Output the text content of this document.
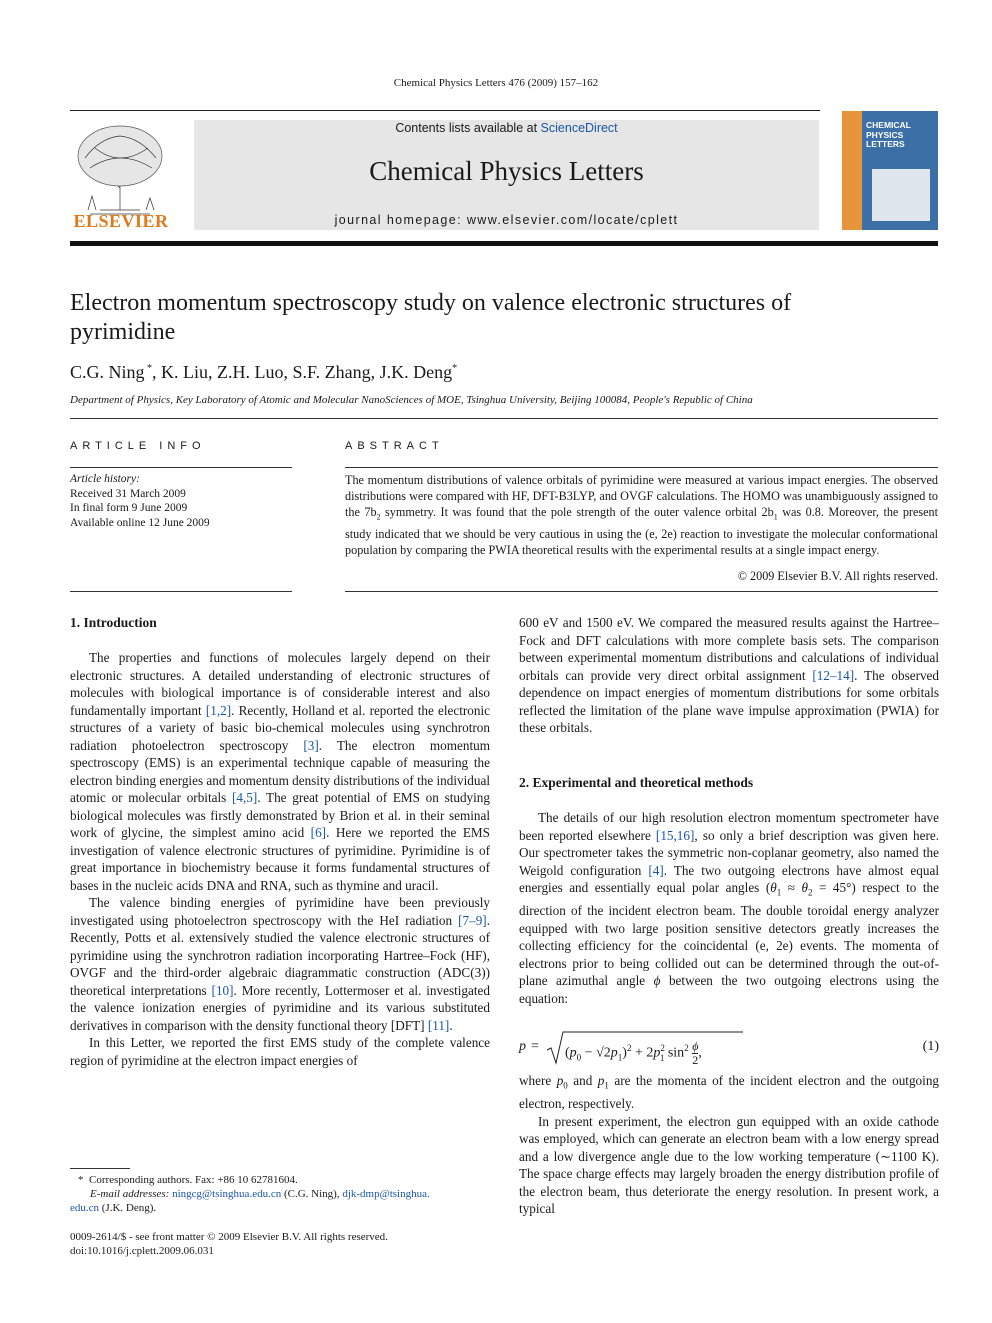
Chemical Physics Letters 476 (2009) 157–162
ELSEVIER
Contents lists available at ScienceDirect
Chemical Physics Letters
journal homepage: www.elsevier.com/locate/cplett
CHEMICAL
PHYSICS
LETTERS
Electron momentum spectroscopy study on valence electronic structures of pyrimidine
C.G. Ning *, K. Liu, Z.H. Luo, S.F. Zhang, J.K. Deng*
Department of Physics, Key Laboratory of Atomic and Molecular NanoSciences of MOE, Tsinghua University, Beijing 100084, People's Republic of China
ARTICLE INFO
Article history:
Received 31 March 2009
In final form 9 June 2009
Available online 12 June 2009
ABSTRACT
The momentum distributions of valence orbitals of pyrimidine were measured at various impact energies. The observed distributions were compared with HF, DFT-B3LYP, and OVGF calculations. The HOMO was unambiguously assigned to the $7b_2$ symmetry. It was found that the pole strength of the outer valence orbital $2b_1$ was 0.8. Moreover, the present study indicated that we should be very cautious in using the (e, 2e) reaction to investigate the molecular conformational population by comparing the PWIA theoretical results with the experimental results at a single impact energy.
© 2009 Elsevier B.V. All rights reserved.
1. Introduction

The properties and functions of molecules largely depend on their electronic structures. A detailed understanding of electronic structures of molecules with biological importance is of considerable interest and also fundamentally important [1,2]. Recently, Holland et al. reported the electronic structures of a variety of basic bio-chemical molecules using synchrotron radiation photoelectron spectroscopy [3]. The electron momentum spectroscopy (EMS) is an experimental technique capable of measuring the electron binding energies and momentum density distributions of the individual atomic or molecular orbitals [4,5]. The great potential of EMS on studying biological molecules was firstly demonstrated by Brion et al. in their seminal work of glycine, the simplest amino acid [6]. Here we reported the EMS investigation of valence electronic structures of pyrimidine. Pyrimidine is of great importance in biochemistry because it forms fundamental structures of bases in the nucleic acids DNA and RNA, such as thymine and uracil.

The valence binding energies of pyrimidine have been previously investigated using photoelectron spectroscopy with the HeI radiation [7–9]. Recently, Potts et al. extensively studied the valence electronic structures of pyrimidine using the synchrotron radiation incorporating Hartree–Fock (HF), OVGF and the third-order algebraic diagrammatic construction (ADC(3)) theoretical interpretations [10]. More recently, Lottermoser et al. investigated the valence ionization energies of pyrimidine and its various substituted derivatives in comparison with the density functional theory [DFT] [11].

In this Letter, we reported the first EMS study of the complete valence region of pyrimidine at the electron impact energies of

600 eV and 1500 eV. We compared the measured results against the Hartree–Fock and DFT calculations with more complete basis sets. The comparison between experimental momentum distributions and calculations of individual orbitals can provide very direct orbital assignment [12–14]. The observed dependence on impact energies of momentum distributions for some orbitals reflected the limitation of the plane wave impulse approximation (PWIA) for these orbitals.

2. Experimental and theoretical methods

The details of our high resolution electron momentum spectrometer have been reported elsewhere [15,16], so only a brief description was given here. Our spectrometer takes the symmetric non-coplanar geometry, also named the Weigold configuration [4]. The two outgoing electrons have almost equal energies and essentially equal polar angles $(\theta_1 \approx \theta_2 = 45^\circ)$ respect to the direction of the incident electron beam. The double toroidal energy analyzer equipped with two large position sensitive detectors greatly increases the collecting efficiency for the coincidental (e, 2e) events. The momenta of electrons prior to being collided out can be determined through the out-of-plane azimuthal angle ϕ between the two outgoing electrons using the equation:

$p = (p_0 - √2p_1)^2 + 2p^2_1$ $\sin^2 \frac{\phi}{2}$ ,	(1)

where $p_0$ and $p_1$ are the momenta of the incident electron and the outgoing electron, respectively.

In present experiment, the electron gun equipped with an oxide cathode was employed, which can generate an electron beam with a low energy spread and a low divergence angle due to the low working temperature (∼1100 K). The space charge effects may largely broaden the energy distribution profile of the electron beam, thus deteriorate the energy resolution. In present work, a typical

*  Corresponding authors. Fax: +86 10 62781604.
E-mail addresses: ningcg@tsinghua.edu.cn (C.G. Ning), djk-dmp@tsinghua.
edu.cn (J.K. Deng).
0009-2614/$ - see front matter © 2009 Elsevier B.V. All rights reserved.
doi:10.1016/j.cplett.2009.06.031
